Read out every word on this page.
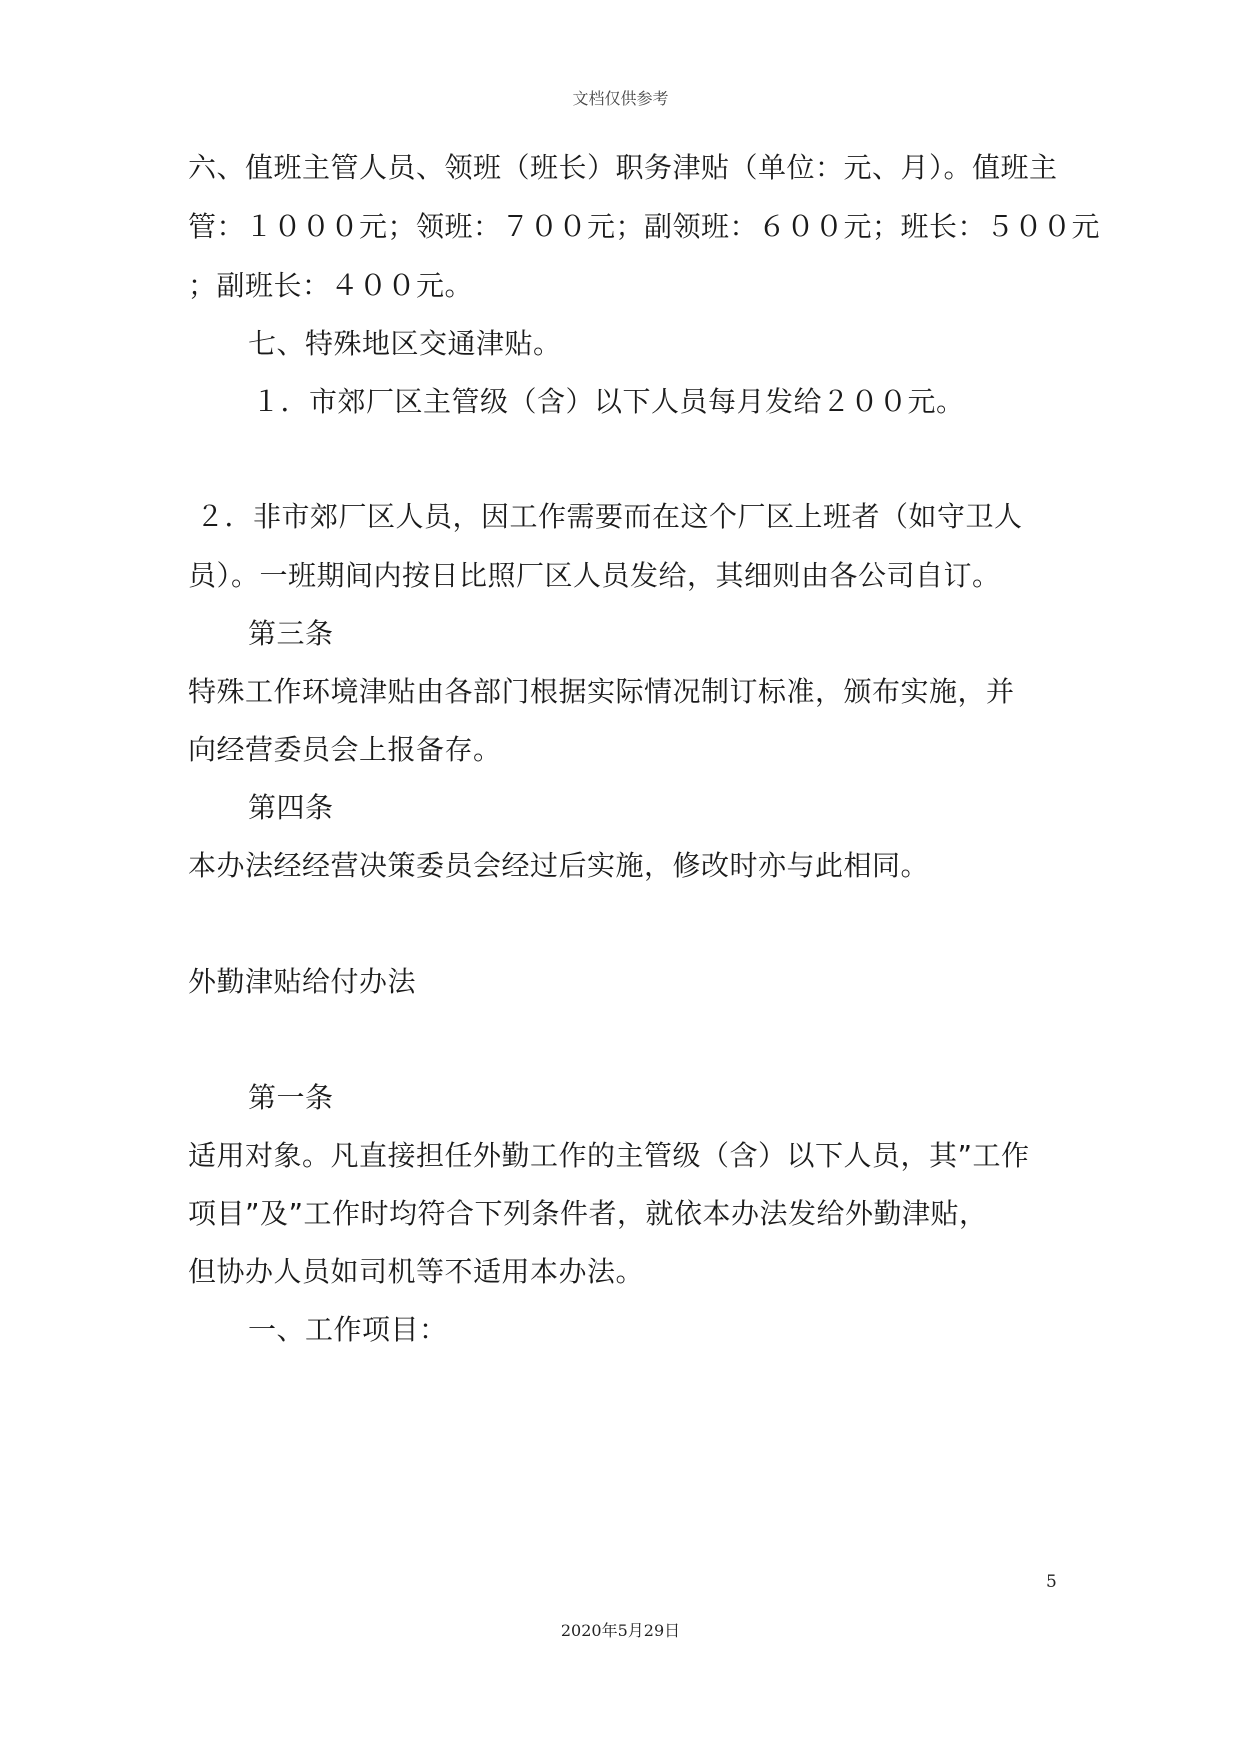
文档仅供参考
六、值班主管人员、领班（班长）职务津贴（单位：元、月）。值班主
管：１０００元；领班：７００元；副领班：６００元；班长：５００元
；副班长：４００元。
七、特殊地区交通津贴。
１．市郊厂区主管级（含）以下人员每月发给２００元。
２．非市郊厂区人员，因工作需要而在这个厂区上班者（如守卫人
员）。一班期间内按日比照厂区人员发给，其细则由各公司自订。
第三条
特殊工作环境津贴由各部门根据实际情况制订标准，颁布实施，并
向经营委员会上报备存。
第四条
本办法经经营决策委员会经过后实施，修改时亦与此相同。
外勤津贴给付办法
第一条
适用对象。凡直接担任外勤工作的主管级（含）以下人员，其”工作
项目”及”工作时均符合下列条件者，就依本办法发给外勤津贴，
但协办人员如司机等不适用本办法。
一、工作项目：
5
2020年5月29日
